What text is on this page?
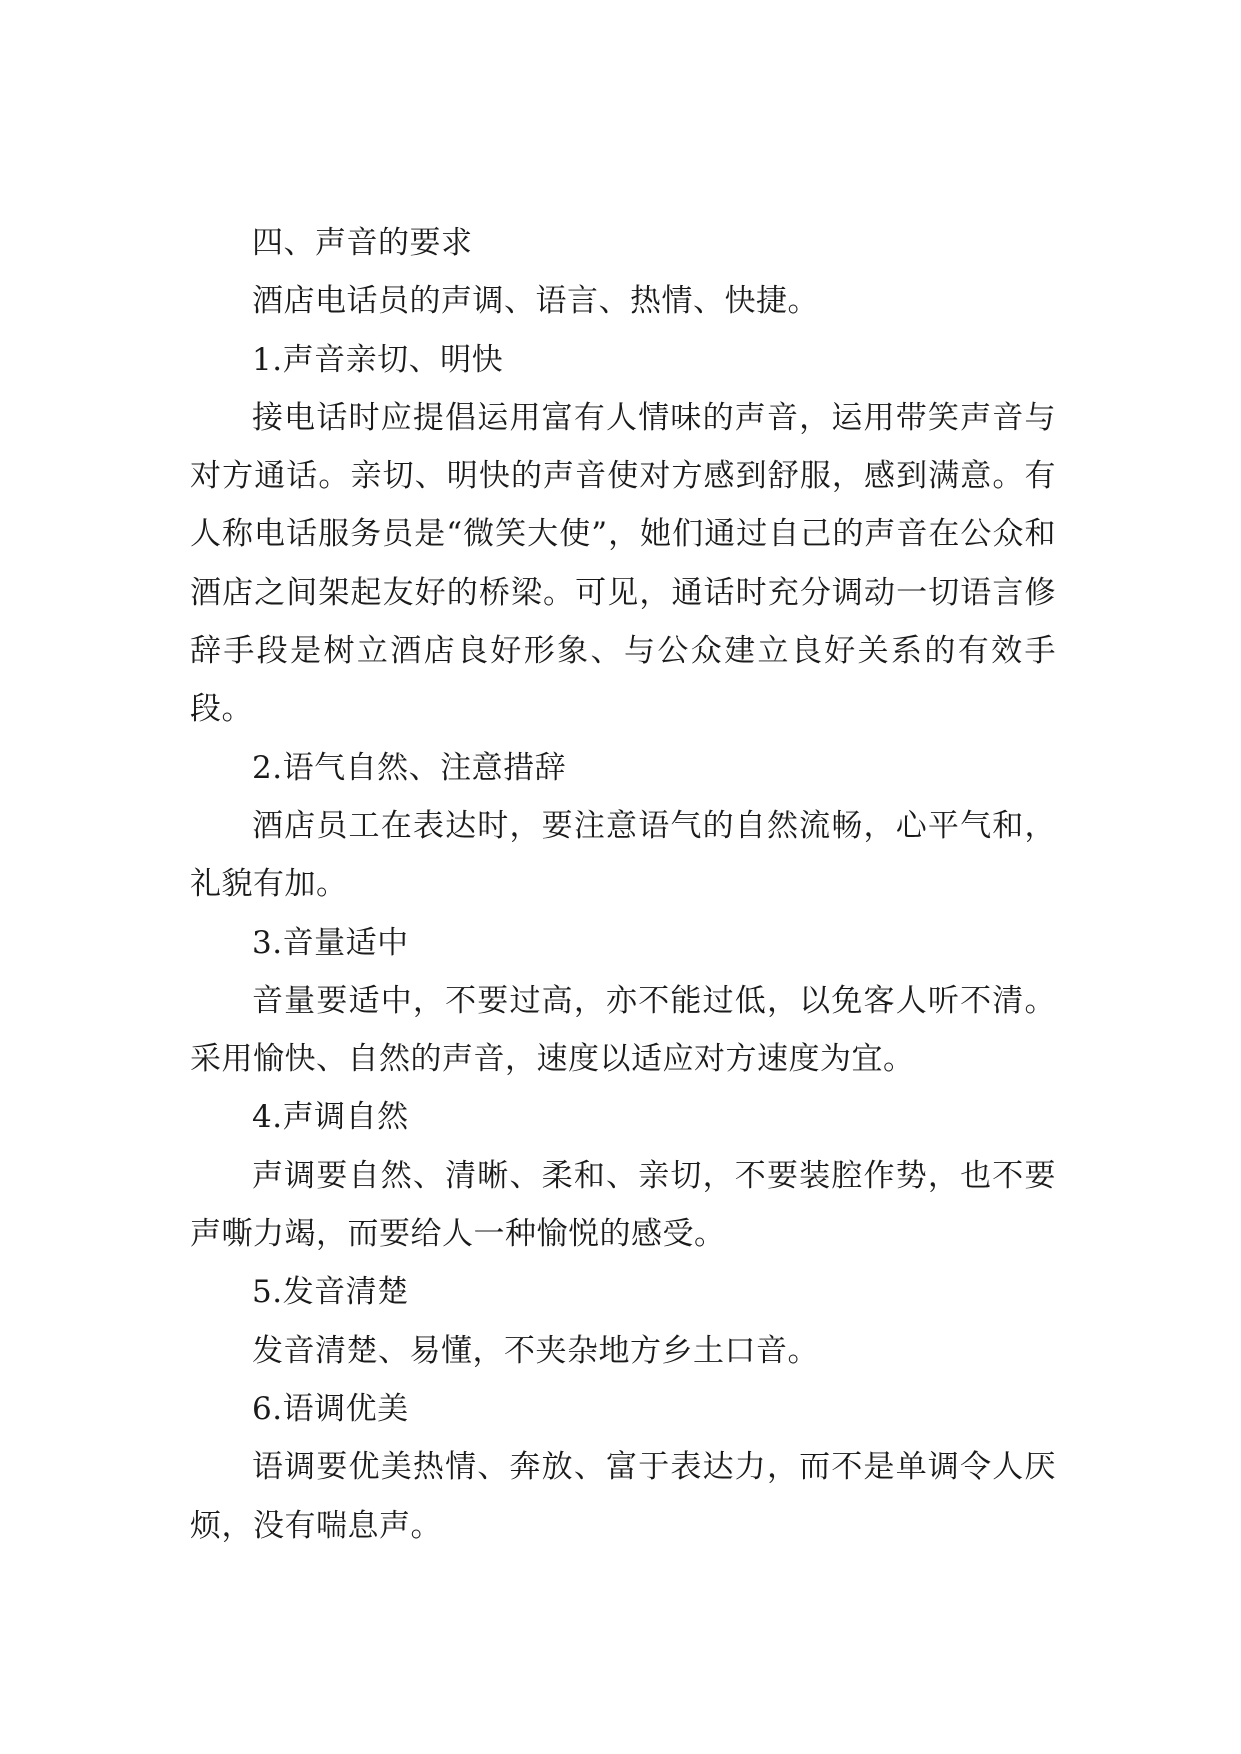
四、声音的要求

酒店电话员的声调、语言、热情、快捷。

1.声音亲切、明快

接电话时应提倡运用富有人情味的声音，运用带笑声音与对方通话。亲切、明快的声音使对方感到舒服，感到满意。有人称电话服务员是“微笑大使”，她们通过自己的声音在公众和酒店之间架起友好的桥梁。可见，通话时充分调动一切语言修辞手段是树立酒店良好形象、与公众建立良好关系的有效手段。

2.语气自然、注意措辞

酒店员工在表达时，要注意语气的自然流畅，心平气和，礼貌有加。

3.音量适中

音量要适中，不要过高，亦不能过低，以免客人听不清。采用愉快、自然的声音，速度以适应对方速度为宜。

4.声调自然

声调要自然、清晰、柔和、亲切，不要装腔作势，也不要声嘶力竭，而要给人一种愉悦的感受。

5.发音清楚

发音清楚、易懂，不夹杂地方乡土口音。

6.语调优美

语调要优美热情、奔放、富于表达力，而不是单调令人厌烦，没有喘息声。
